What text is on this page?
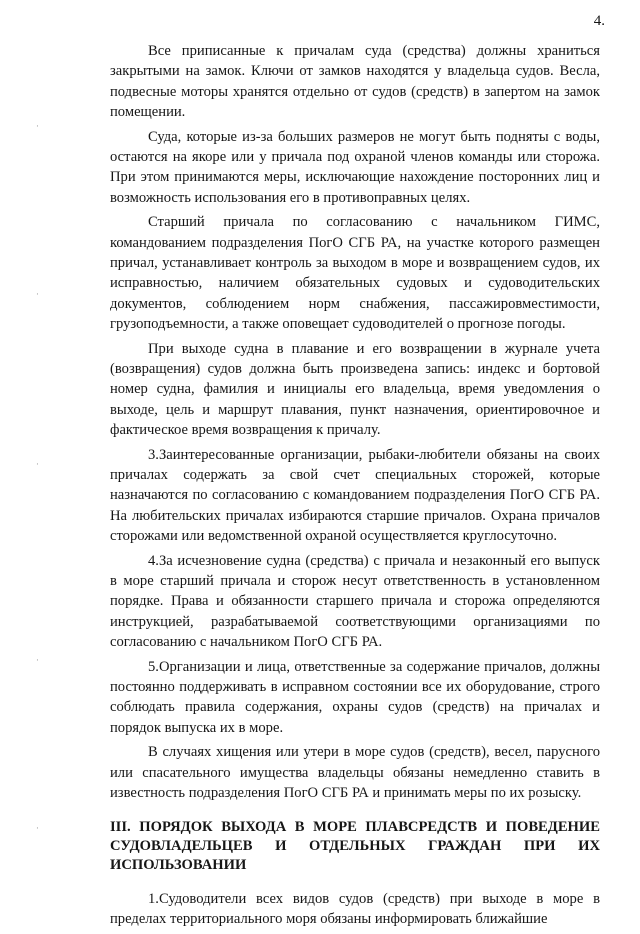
4.
·
·
·
·
·

Все приписанные к причалам суда (средства) должны храниться закрытыми на замок. Ключи от замков находятся у владельца судов. Весла, подвесные моторы хранятся отдельно от судов (средств) в запертом на замок помещении.

Суда, которые из-за больших размеров не могут быть подняты с воды, остаются на якоре или у причала под охраной членов команды или сторожа. При этом принимаются меры, исключающие нахождение посторонних лиц и возможность использования его в противоправных целях.

Старший причала по согласованию с начальником ГИМС, командованием подразделения ПогО СГБ РА, на участке которого размещен причал, устанавливает контроль за выходом в море и возвращением судов, их исправностью, наличием обязательных судовых и судоводительских документов, соблюдением норм снабжения, пассажировместимости, грузоподъемности, а также оповещает судоводителей о прогнозе погоды.

При выходе судна в плавание и его возвращении в журнале учета (возвращения) судов должна быть произведена запись: индекс и бортовой номер судна, фамилия и инициалы его владельца, время уведомления о выходе, цель и маршрут плавания, пункт назначения, ориентировочное и фактическое время возвращения к причалу.

3.Заинтересованные организации, рыбаки-любители обязаны на своих причалах содержать за свой счет специальных сторожей, которые назначаются по согласованию с командованием подразделения ПогО СГБ РА. На любительских причалах избираются старшие причалов. Охрана причалов сторожами или ведомственной охраной осуществляется круглосуточно.

4.За исчезновение судна (средства) с причала и незаконный его выпуск в море старший причала и сторож несут ответственность в установленном порядке. Права и обязанности старшего причала и сторожа определяются инструкцией, разрабатываемой соответствующими организациями по согласованию с начальником ПогО СГБ РА.

5.Организации и лица, ответственные за содержание причалов, должны постоянно поддерживать в исправном состоянии все их оборудование, строго соблюдать правила содержания, охраны судов (средств) на причалах и порядок выпуска их в море.

В случаях хищения или утери в море судов (средств), весел, парусного или спасательного имущества владельцы обязаны немедленно ставить в известность подразделения ПогО СГБ РА и принимать меры по их розыску.

III. ПОРЯДОК ВЫХОДА В МОРЕ ПЛАВСРЕДСТВ И ПОВЕДЕНИЕ СУДОВЛАДЕЛЬЦЕВ И ОТДЕЛЬНЫХ ГРАЖДАН ПРИ ИХ ИСПОЛЬЗОВАНИИ

1.Судоводители всех видов судов (средств) при выходе в море в пределах территориального моря обязаны информировать ближайшие
